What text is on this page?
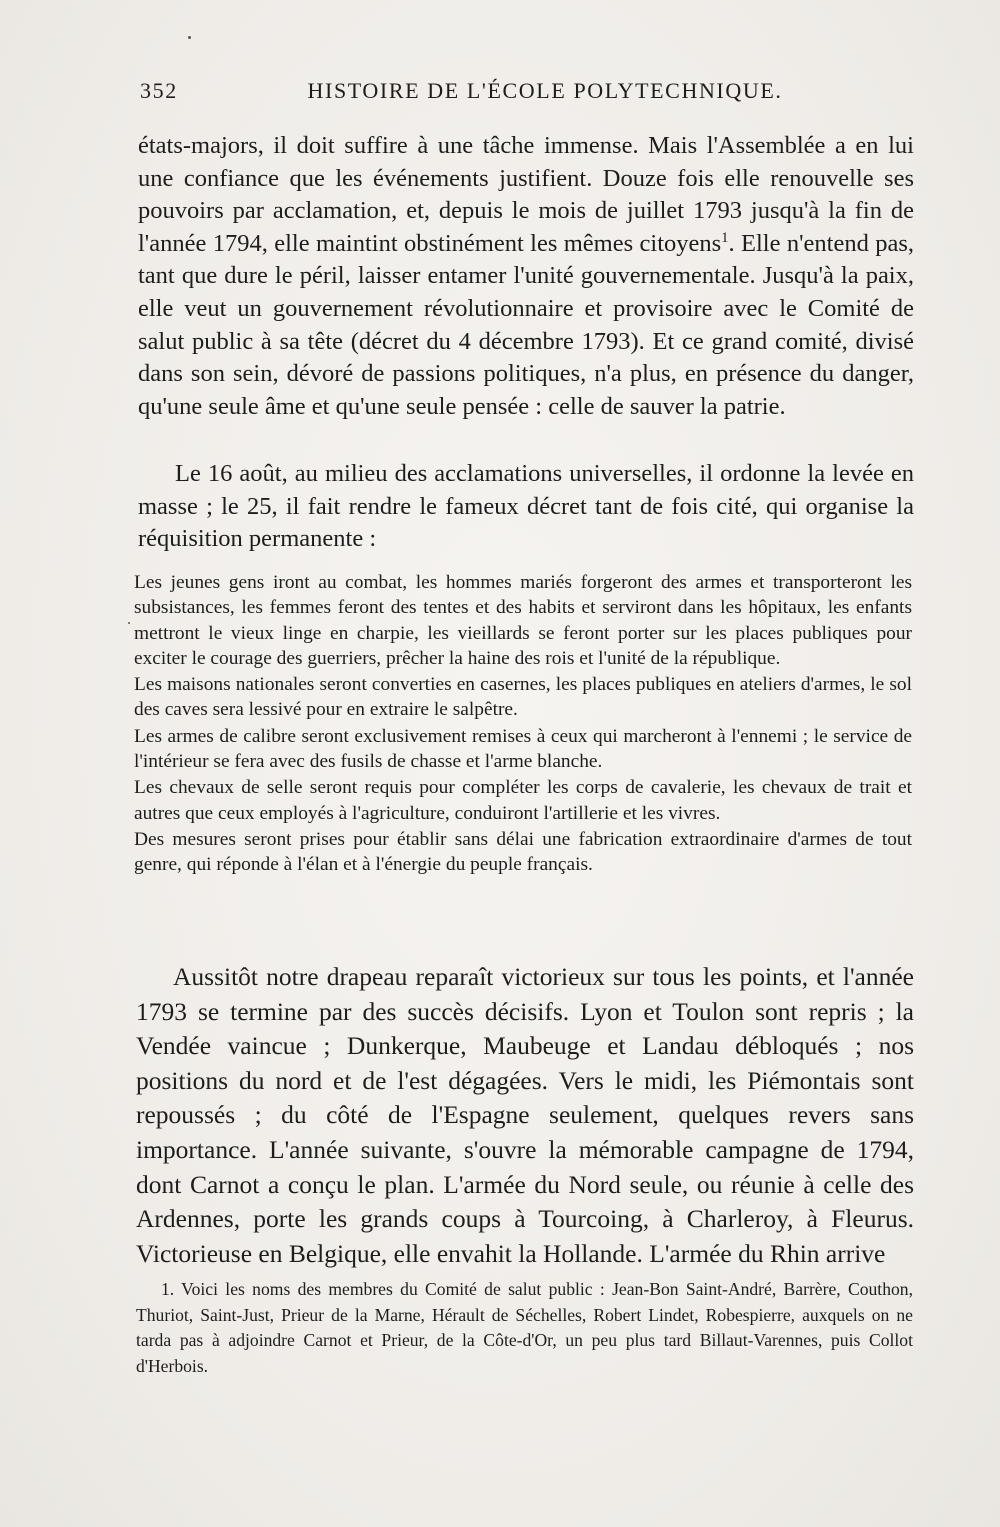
352	HISTOIRE DE L'ÉCOLE POLYTECHNIQUE.

états-majors, il doit suffire à une tâche immense. Mais l'Assemblée a en lui une confiance que les événements justifient. Douze fois elle renouvelle ses pouvoirs par acclamation, et, depuis le mois de juillet 1793 jusqu'à la fin de l'année 1794, elle maintint obstinément les mêmes citoyens$^1$. Elle n'entend pas, tant que dure le péril, laisser entamer l'unité gouvernementale. Jusqu'à la paix, elle veut un gouvernement révolutionnaire et provisoire avec le Comité de salut public à sa tête (décret du 4 décembre 1793). Et ce grand comité, divisé dans son sein, dévoré de passions politiques, n'a plus, en présence du danger, qu'une seule âme et qu'une seule pensée : celle de sauver la patrie.

Le 16 août, au milieu des acclamations universelles, il ordonne la levée en masse ; le 25, il fait rendre le fameux décret tant de fois cité, qui organise la réquisition permanente :

Les jeunes gens iront au combat, les hommes mariés forgeront des armes et transporteront les subsistances, les femmes feront des tentes et des habits et serviront dans les hôpitaux, les enfants mettront le vieux linge en charpie, les vieillards se feront porter sur les places publiques pour exciter le courage des guerriers, prêcher la haine des rois et l'unité de la république.

Les maisons nationales seront converties en casernes, les places publiques en ateliers d'armes, le sol des caves sera lessivé pour en extraire le salpêtre.

Les armes de calibre seront exclusivement remises à ceux qui marcheront à l'ennemi ; le service de l'intérieur se fera avec des fusils de chasse et l'arme blanche.

Les chevaux de selle seront requis pour compléter les corps de cavalerie, les chevaux de trait et autres que ceux employés à l'agriculture, conduiront l'artillerie et les vivres.

Des mesures seront prises pour établir sans délai une fabrication extraordinaire d'armes de tout genre, qui réponde à l'élan et à l'énergie du peuple français.

Aussitôt notre drapeau reparaît victorieux sur tous les points, et l'année 1793 se termine par des succès décisifs. Lyon et Toulon sont repris ; la Vendée vaincue ; Dunkerque, Maubeuge et Landau débloqués ; nos positions du nord et de l'est dégagées. Vers le midi, les Piémontais sont repoussés ; du côté de l'Espagne seulement, quelques revers sans importance. L'année suivante, s'ouvre la mémorable campagne de 1794, dont Carnot a conçu le plan. L'armée du Nord seule, ou réunie à celle des Ardennes, porte les grands coups à Tourcoing, à Charleroy, à Fleurus. Victorieuse en Belgique, elle envahit la Hollande. L'armée du Rhin arrive

1. Voici les noms des membres du Comité de salut public : Jean-Bon Saint-André, Barrère, Couthon, Thuriot, Saint-Just, Prieur de la Marne, Hérault de Séchelles, Robert Lindet, Robespierre, auxquels on ne tarda pas à adjoindre Carnot et Prieur, de la Côte-d'Or, un peu plus tard Billaut-Varennes, puis Collot d'Herbois.
